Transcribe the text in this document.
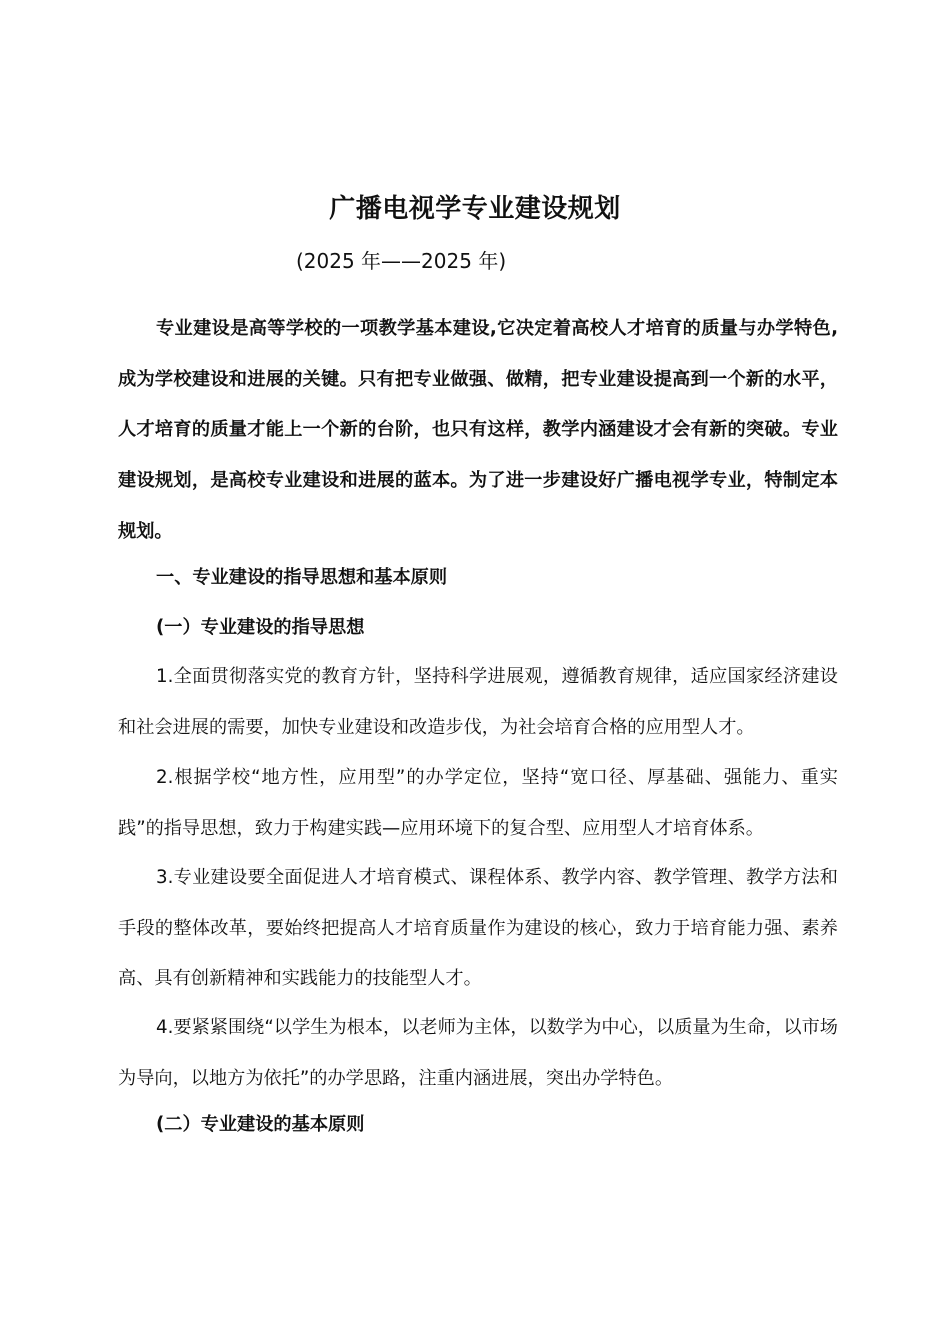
广播电视学专业建设规划
(2025 年——2025 年)

专业建设是高等学校的一项教学基本建设,它决定着高校人才培育的质量与办学特色,成为学校建设和进展的关键。只有把专业做强、做精，把专业建设提高到一个新的水平，人才培育的质量才能上一个新的台阶，也只有这样，教学内涵建设才会有新的突破。专业建设规划，是高校专业建设和进展的蓝本。为了进一步建设好广播电视学专业，特制定本规划。

一、专业建设的指导思想和基本原则
(一）专业建设的指导思想

1.全面贯彻落实党的教育方针，坚持科学进展观，遵循教育规律，适应国家经济建设和社会进展的需要，加快专业建设和改造步伐，为社会培育合格的应用型人才。

2.根据学校“地方性，应用型”的办学定位，坚持“宽口径、厚基础、强能力、重实践”的指导思想，致力于构建实践—应用环境下的复合型、应用型人才培育体系。

3.专业建设要全面促进人才培育模式、课程体系、教学内容、教学管理、教学方法和手段的整体改革，要始终把提高人才培育质量作为建设的核心，致力于培育能力强、素养高、具有创新精神和实践能力的技能型人才。

4.要紧紧围绕“以学生为根本，以老师为主体，以数学为中心，以质量为生命，以市场为导向，以地方为依托”的办学思路，注重内涵进展，突出办学特色。

(二）专业建设的基本原则
